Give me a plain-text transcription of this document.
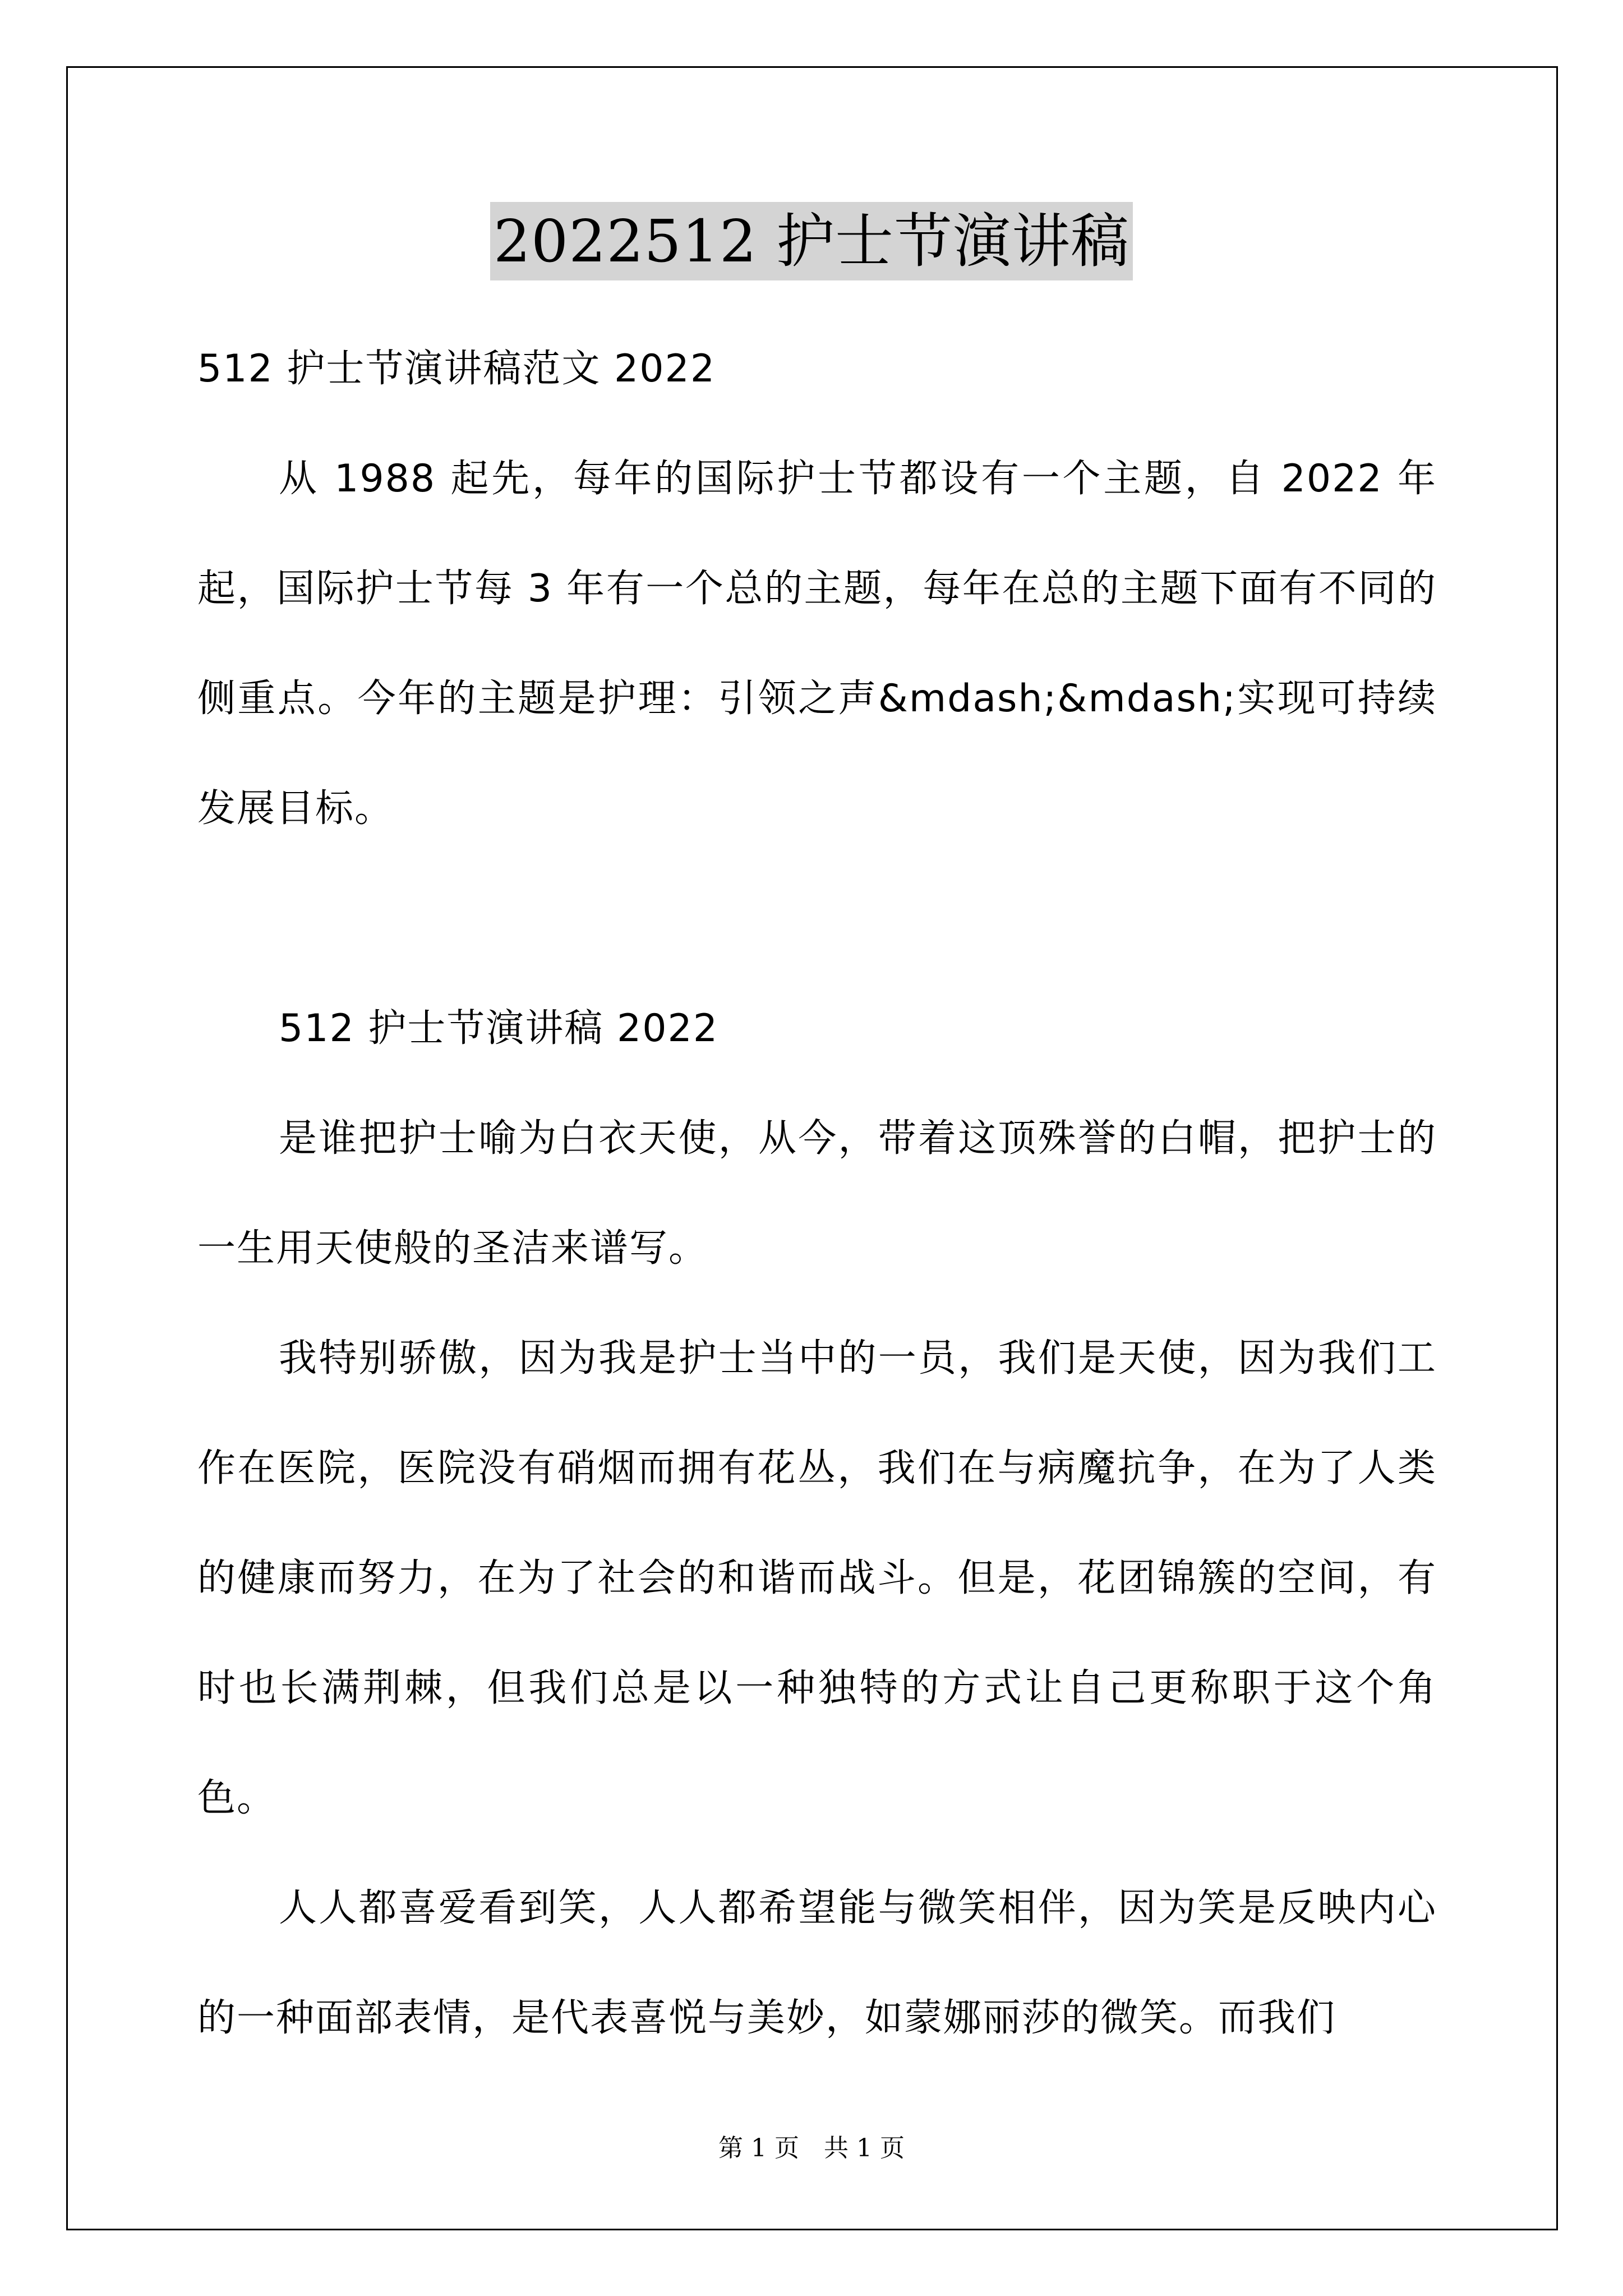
2022512 护士节演讲稿

512 护士节演讲稿范文 2022

从 1988 起先，每年的国际护士节都设有一个主题，自 2022 年起，国际护士节每 3 年有一个总的主题，每年在总的主题下面有不同的侧重点。今年的主题是护理：引领之声&mdash;&mdash;实现可持续发展目标。

512 护士节演讲稿 2022

是谁把护士喻为白衣天使，从今，带着这顶殊誉的白帽，把护士的一生用天使般的圣洁来谱写。

我特别骄傲，因为我是护士当中的一员，我们是天使，因为我们工作在医院，医院没有硝烟而拥有花丛，我们在与病魔抗争，在为了人类的健康而努力，在为了社会的和谐而战斗。但是，花团锦簇的空间，有时也长满荆棘，但我们总是以一种独特的方式让自己更称职于这个角色。

人人都喜爱看到笑，人人都希望能与微笑相伴，因为笑是反映内心的一种面部表情，是代表喜悦与美妙，如蒙娜丽莎的微笑。而我们

第 1 页　共 1 页
